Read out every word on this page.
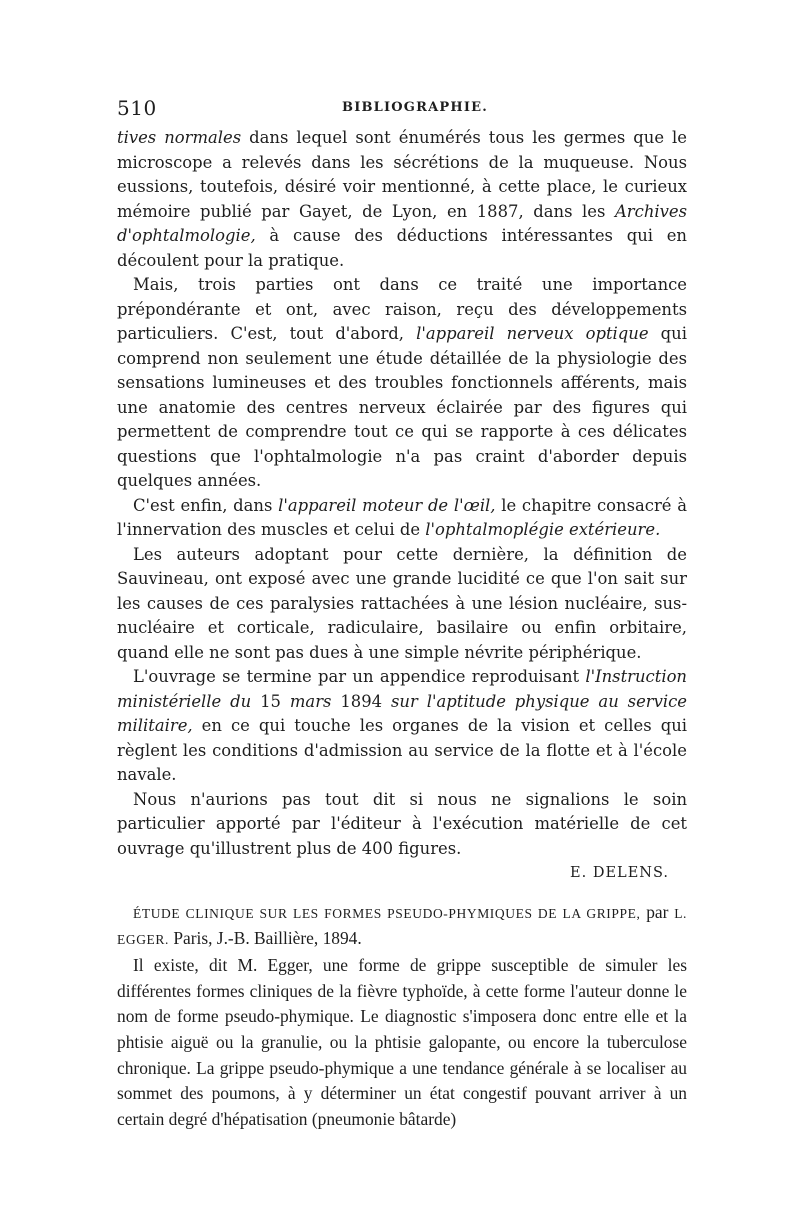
510	BIBLIOGRAPHIE.

tives normales dans lequel sont énumérés tous les germes que le microscope a relevés dans les sécrétions de la muqueuse. Nous eussions, toutefois, désiré voir mentionné, à cette place, le curieux mémoire publié par Gayet, de Lyon, en 1887, dans les Archives d'ophtalmologie, à cause des déductions intéressantes qui en découlent pour la pratique.

Mais, trois parties ont dans ce traité une importance prépondérante et ont, avec raison, reçu des développements particuliers. C'est, tout d'abord, l'appareil nerveux optique qui comprend non seulement une étude détaillée de la physiologie des sensations lumineuses et des troubles fonctionnels afférents, mais une anatomie des centres nerveux éclairée par des figures qui permettent de comprendre tout ce qui se rapporte à ces délicates questions que l'ophtalmologie n'a pas craint d'aborder depuis quelques années.

C'est enfin, dans l'appareil moteur de l'œil, le chapitre consacré à l'innervation des muscles et celui de l'ophtalmoplégie extérieure.

Les auteurs adoptant pour cette dernière, la définition de Sauvineau, ont exposé avec une grande lucidité ce que l'on sait sur les causes de ces paralysies rattachées à une lésion nucléaire, sus-nucléaire et corticale, radiculaire, basilaire ou enfin orbitaire, quand elle ne sont pas dues à une simple névrite périphérique.

L'ouvrage se termine par un appendice reproduisant l'Instruction ministérielle du 15 mars 1894 sur l'aptitude physique au service militaire, en ce qui touche les organes de la vision et celles qui règlent les conditions d'admission au service de la flotte et à l'école navale.

Nous n'aurions pas tout dit si nous ne signalions le soin particulier apporté par l'éditeur à l'exécution matérielle de cet ouvrage qu'illustrent plus de 400 figures.

E. DELENS.

ÉTUDE CLINIQUE SUR LES FORMES PSEUDO-PHYMIQUES DE LA GRIPPE, par L. EGGER. Paris, J.-B. Baillière, 1894.

Il existe, dit M. Egger, une forme de grippe susceptible de simuler les différentes formes cliniques de la fièvre typhoïde, à cette forme l'auteur donne le nom de forme pseudo-phymique. Le diagnostic s'imposera donc entre elle et la phtisie aiguë ou la granulie, ou la phtisie galopante, ou encore la tuberculose chronique. La grippe pseudo-phymique a une tendance générale à se localiser au sommet des poumons, à y déterminer un état congestif pouvant arriver à un certain degré d'hépatisation (pneumonie bâtarde)
